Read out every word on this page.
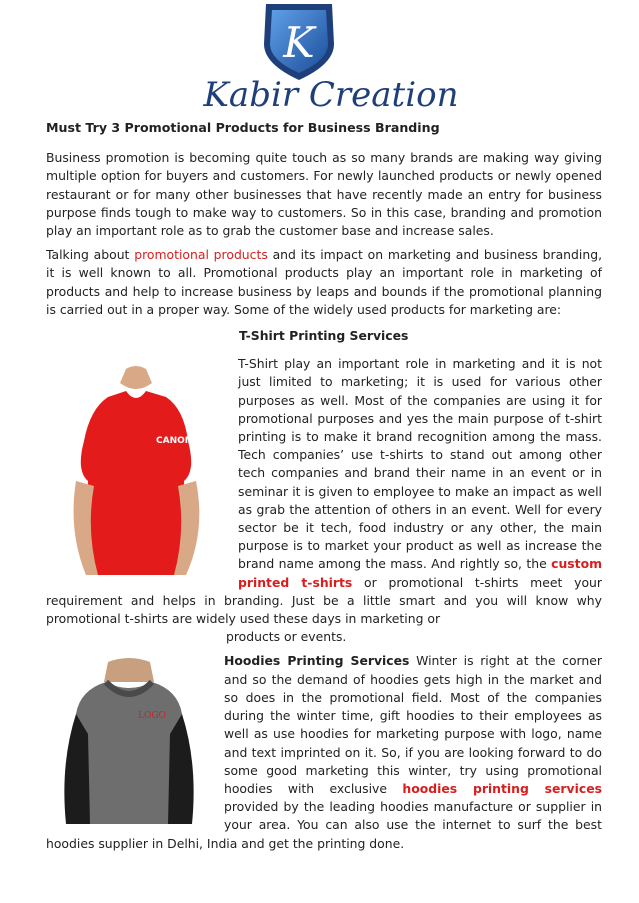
K
Kabir Creation
Must Try 3 Promotional Products for Business Branding

Business promotion is becoming quite touch as so many brands are making way giving multiple option for buyers and customers. For newly launched products or newly opened restaurant or for many other businesses that have recently made an entry for business purpose finds tough to make way to customers. So in this case, branding and promotion play an important role as to grab the customer base and increase sales.

Talking about promotional products and its impact on marketing and business branding, it is well known to all. Promotional products play an important role in marketing of products and help to increase business by leaps and bounds if the promotional planning is carried out in a proper way. Some of the widely used products for marketing are:

T-Shirt Printing Services
CANON

T-Shirt play an important role in marketing and it is not just limited to marketing; it is used for various other purposes as well. Most of the companies are using it for promotional purposes and yes the main purpose of t-shirt printing is to make it brand recognition among the mass. Tech companies’ use t-shirts to stand out among other tech companies and brand their name in an event or in seminar it is given to employee to make an impact as well as grab the attention of others in an event. Well for every sector be it tech, food industry or any other, the main purpose is to market your product as well as increase the brand name among the mass. And rightly so, the custom printed t-shirts or promotional t-shirts meet your requirement and helps in branding. Just be a little smart and you will know why promotional t-shirts are widely used these days in marketing or

products or events.

LOGO

Hoodies Printing Services Winter is right at the corner and so the demand of hoodies gets high in the market and so does in the promotional field. Most of the companies during the winter time, gift hoodies to their employees as well as use hoodies for marketing purpose with logo, name and text imprinted on it. So, if you are looking forward to do some good marketing this winter, try using promotional hoodies with exclusive hoodies printing services provided by the leading hoodies manufacture or supplier in your area. You can also use the internet to surf the best hoodies supplier in Delhi, India and get the printing done.
